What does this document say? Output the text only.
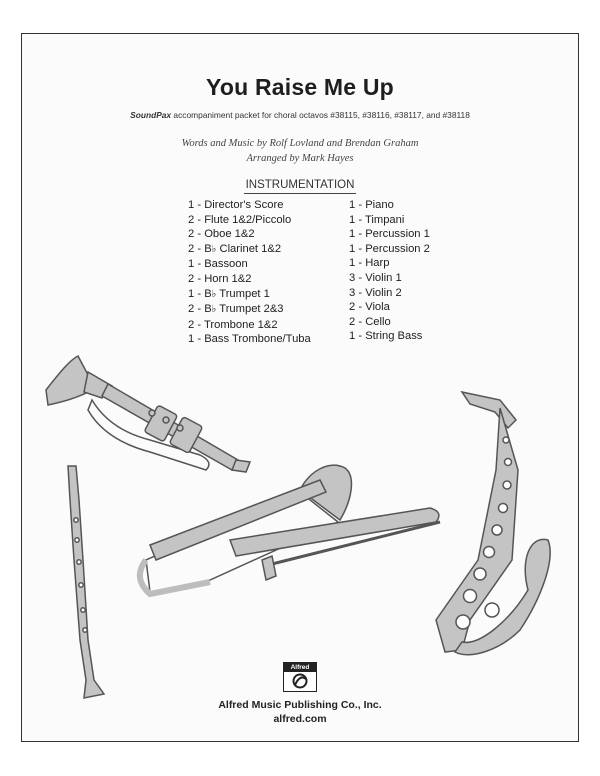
You Raise Me Up
SoundPax accompaniment packet for choral octavos #38115, #38116, #38117, and #38118
Words and Music by Rolf Lovland and Brendan Graham
Arranged by Mark Hayes
INSTRUMENTATION
1 - Director's Score
2 - Flute 1&2/Piccolo
2 - Oboe 1&2
2 - B♭ Clarinet 1&2
1 - Bassoon
2 - Horn 1&2
1 - B♭ Trumpet 1
2 - B♭ Trumpet 2&3
2 - Trombone 1&2
1 - Bass Trombone/Tuba
1 - Piano
1 - Timpani
1 - Percussion 1
1 - Percussion 2
1 - Harp
3 - Violin 1
3 - Violin 2
2 - Viola
2 - Cello
1 - String Bass
Alfred
Alfred Music Publishing Co., Inc.
alfred.com
